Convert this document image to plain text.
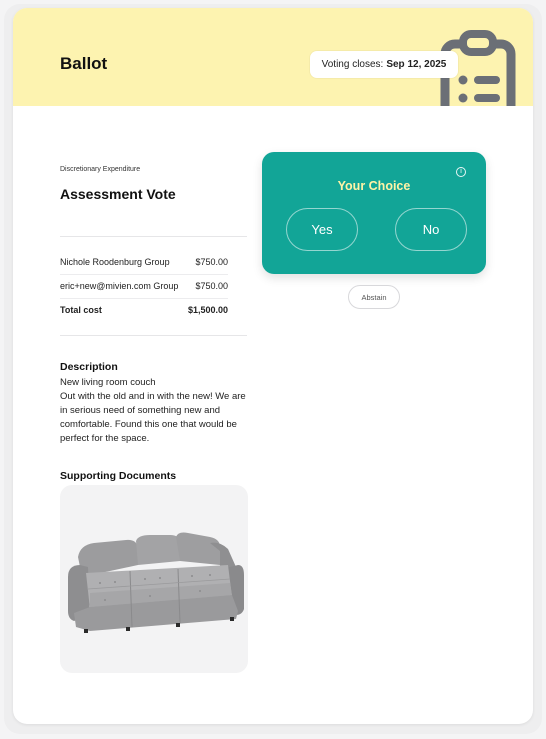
Ballot	Voting closes: Sep 12, 2025
Discretionary Expenditure
Assessment Vote
Nichole Roodenburg Group	$750.00
eric+new@mivien.com Group $750.00
Total cost	$1,500.00
Description
New living room couch
Out with the old and in with the new! We are
in serious need of something new and
comfortable. Found this one that would be
perfect for the space.
Supporting Documents
i
Your Choice
Yes	No
Abstain
